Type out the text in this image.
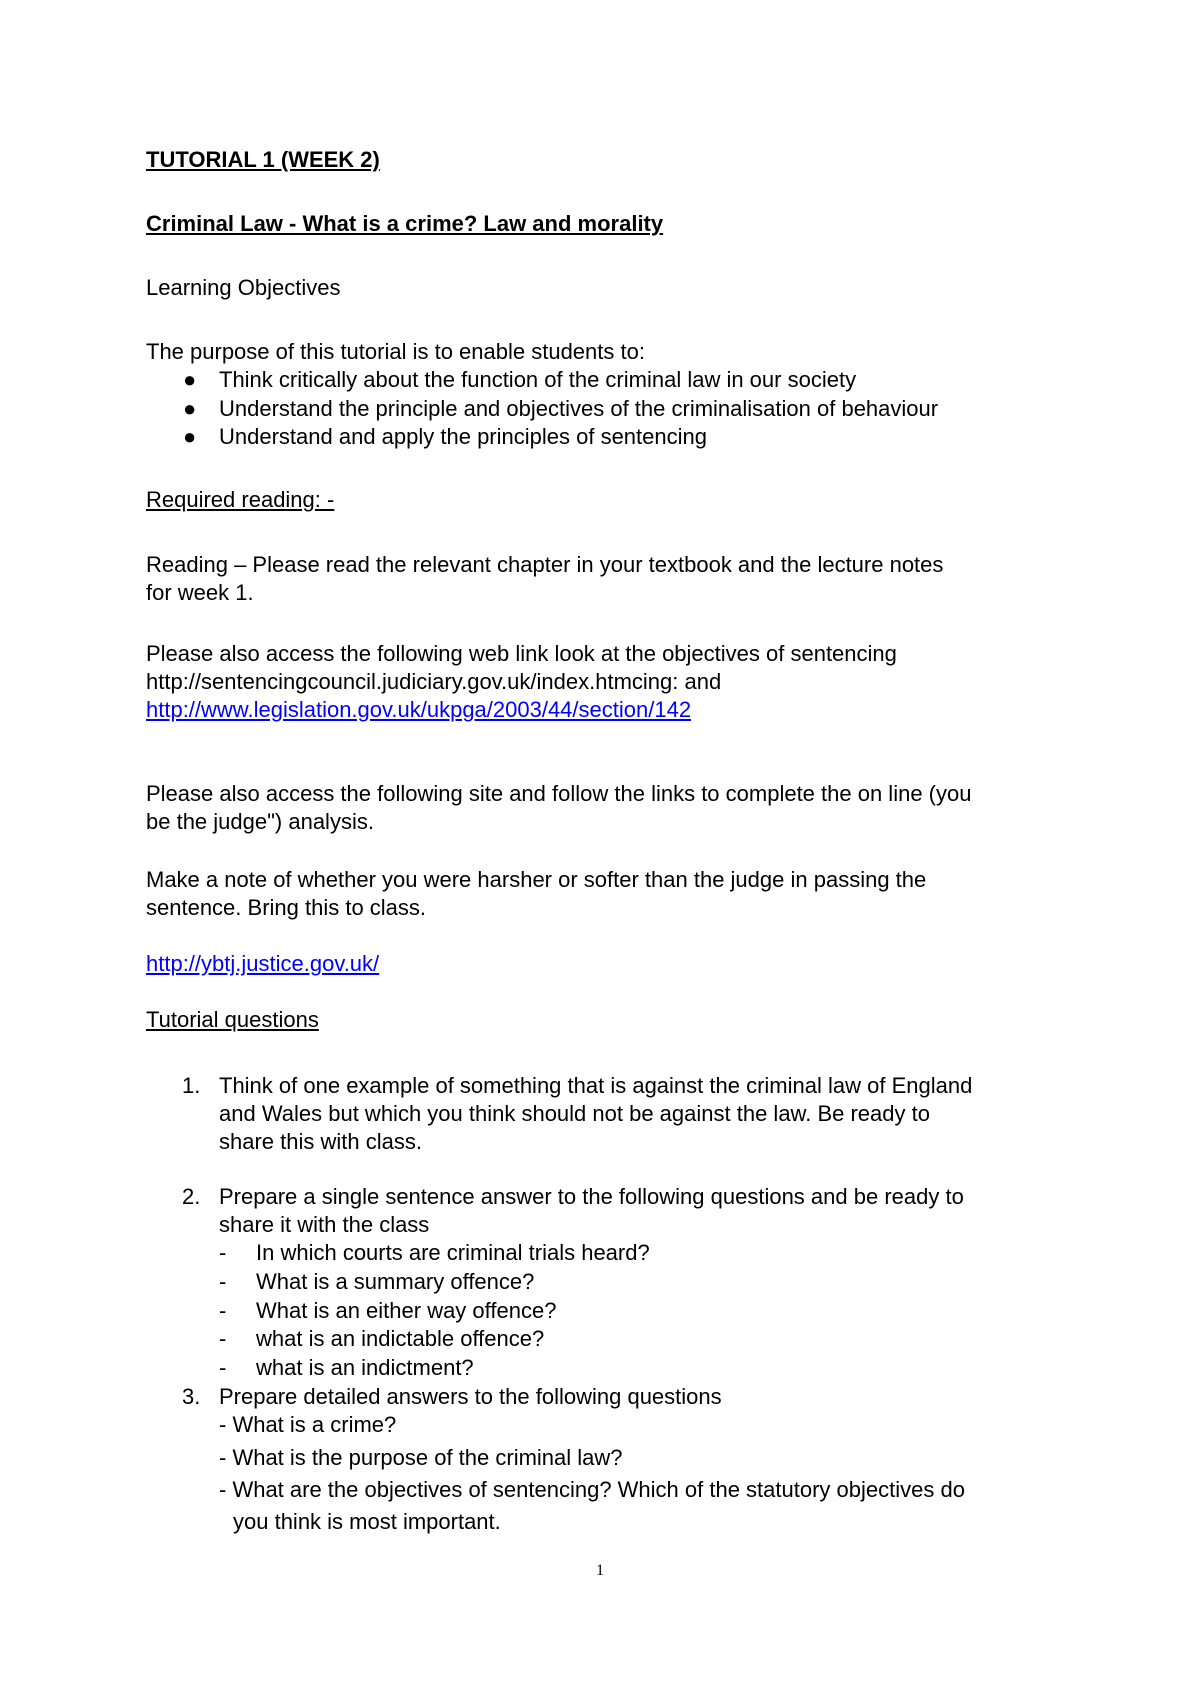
TUTORIAL 1 (WEEK 2)
Criminal Law - What is a crime? Law and morality
Learning Objectives
The purpose of this tutorial is to enable students to:
● Think critically about the function of the criminal law in our society
● Understand the principle and objectives of the criminalisation of behaviour
● Understand and apply the principles of sentencing
Required reading: -
Reading – Please read the relevant chapter in your textbook and the lecture notes
for week 1.
Please also access the following web link look at the objectives of sentencing
http://sentencingcouncil.judiciary.gov.uk/index.htmcing: and
http://www.legislation.gov.uk/ukpga/2003/44/section/142
Please also access the following site and follow the links to complete the on line (you
be the judge") analysis.
Make a note of whether you were harsher or softer than the judge in passing the
sentence. Bring this to class.
http://ybtj.justice.gov.uk/
Tutorial questions
1. Think of one example of something that is against the criminal law of England
and Wales but which you think should not be against the law. Be ready to
share this with class.
2. Prepare a single sentence answer to the following questions and be ready to
share it with the class
- In which courts are criminal trials heard?
- What is a summary offence?
- What is an either way offence?
- what is an indictable offence?
- what is an indictment?
3. Prepare detailed answers to the following questions
- What is a crime?
- What is the purpose of the criminal law?
- What are the objectives of sentencing? Which of the statutory objectives do
you think is most important.
1
